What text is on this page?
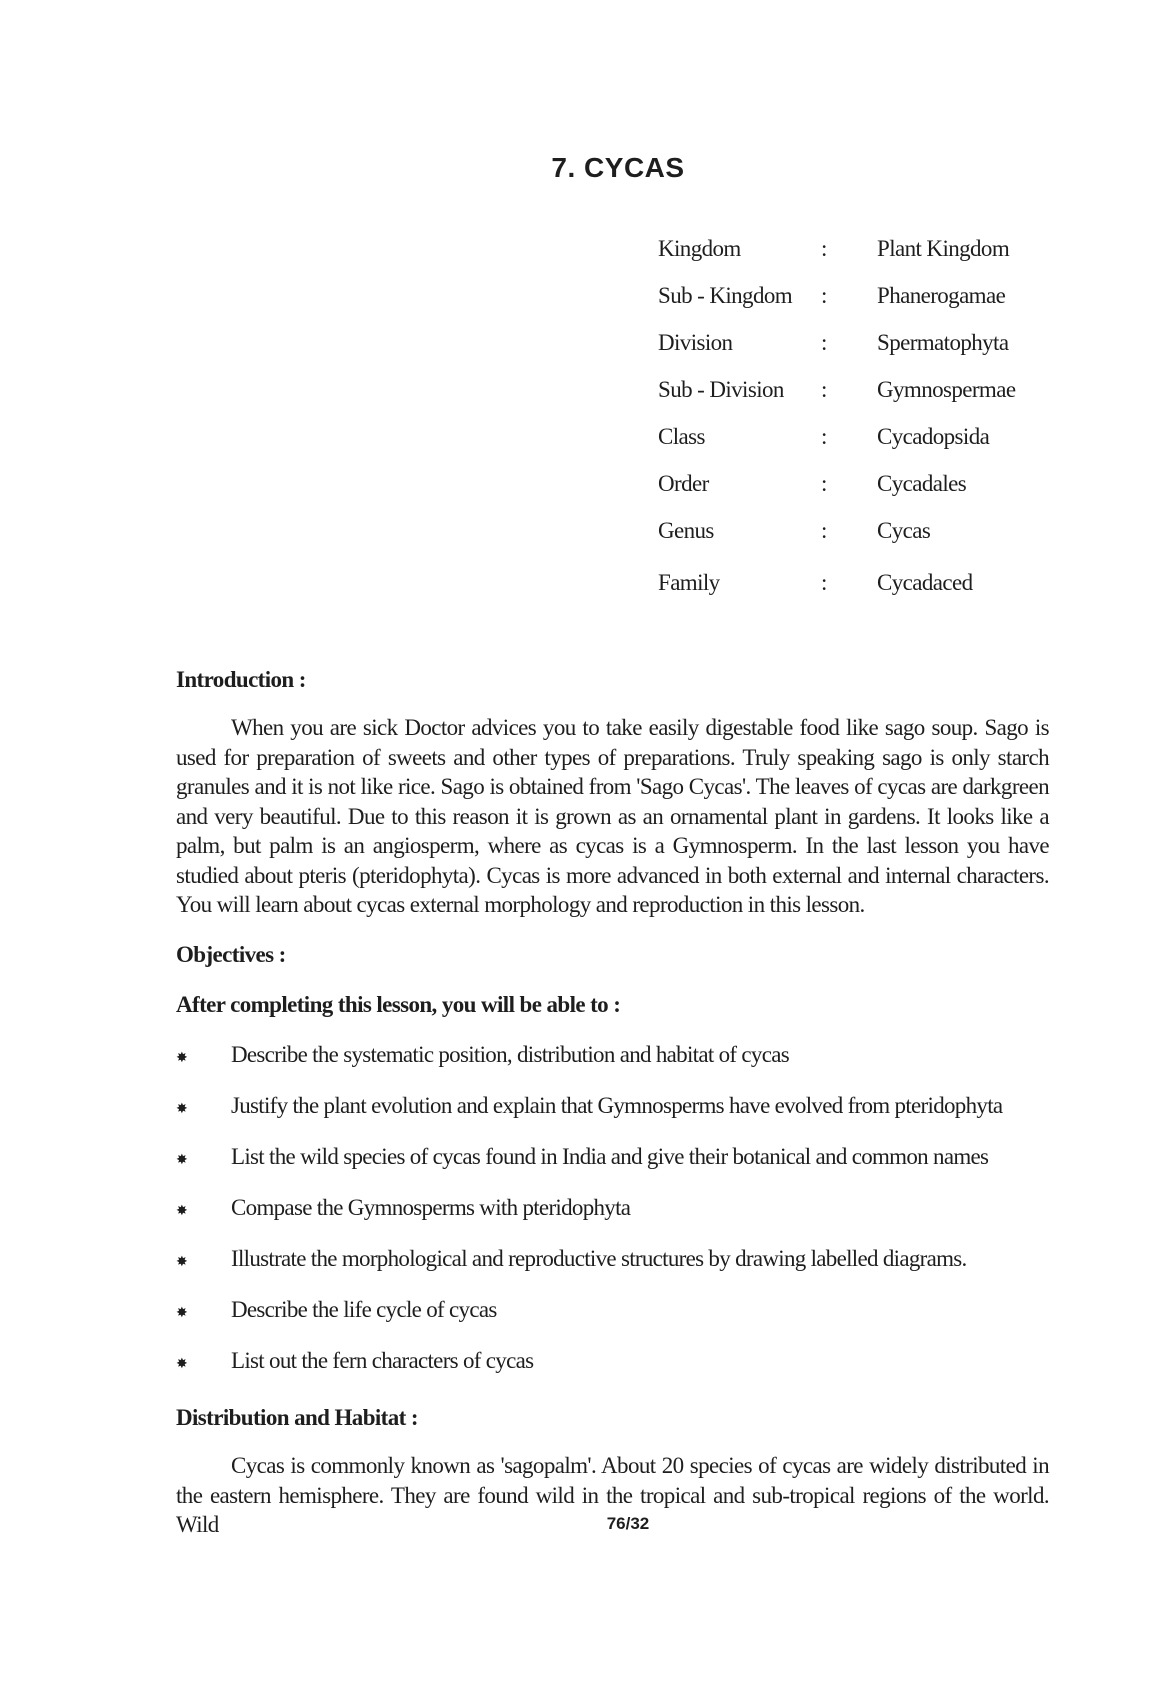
7. CYCAS
Kingdom	: Plant Kingdom
Sub - Kingdom : Phanerogamae
Division	: Spermatophyta
Sub - Division : Gymnospermae
Class	: Cycadopsida
Order	: Cycadales
Genus	: Cycas
Family	: Cycadaced
Introduction :

When you are sick Doctor advices you to take easily digestable food like sago soup. Sago is used for preparation of sweets and other types of preparations. Truly speaking sago is only starch granules and it is not like rice. Sago is obtained from 'Sago Cycas'. The leaves of cycas are darkgreen and very beautiful. Due to this reason it is grown as an ornamental plant in gardens. It looks like a palm, but palm is an angiosperm, where as cycas is a Gymnosperm. In the last lesson you have studied about pteris (pteridophyta). Cycas is more advanced in both external and internal characters. You will learn about cycas external morphology and reproduction in this lesson.

Objectives :
After completing this lesson, you will be able to :
✸ Describe the systematic position, distribution and habitat of cycas
✸ Justify the plant evolution and explain that Gymnosperms have evolved from pteridophyta
✸ List the wild species of cycas found in India and give their botanical and common names
✸ Compase the Gymnosperms with pteridophyta
✸ Illustrate the morphological and reproductive structures by drawing labelled diagrams.
✸ Describe the life cycle of cycas
✸ List out the fern characters of cycas
Distribution and Habitat :

Cycas is commonly known as 'sagopalm'. About 20 species of cycas are widely distributed in the eastern hemisphere. They are found wild in the tropical and sub-tropical regions of the world. Wild	76/32
